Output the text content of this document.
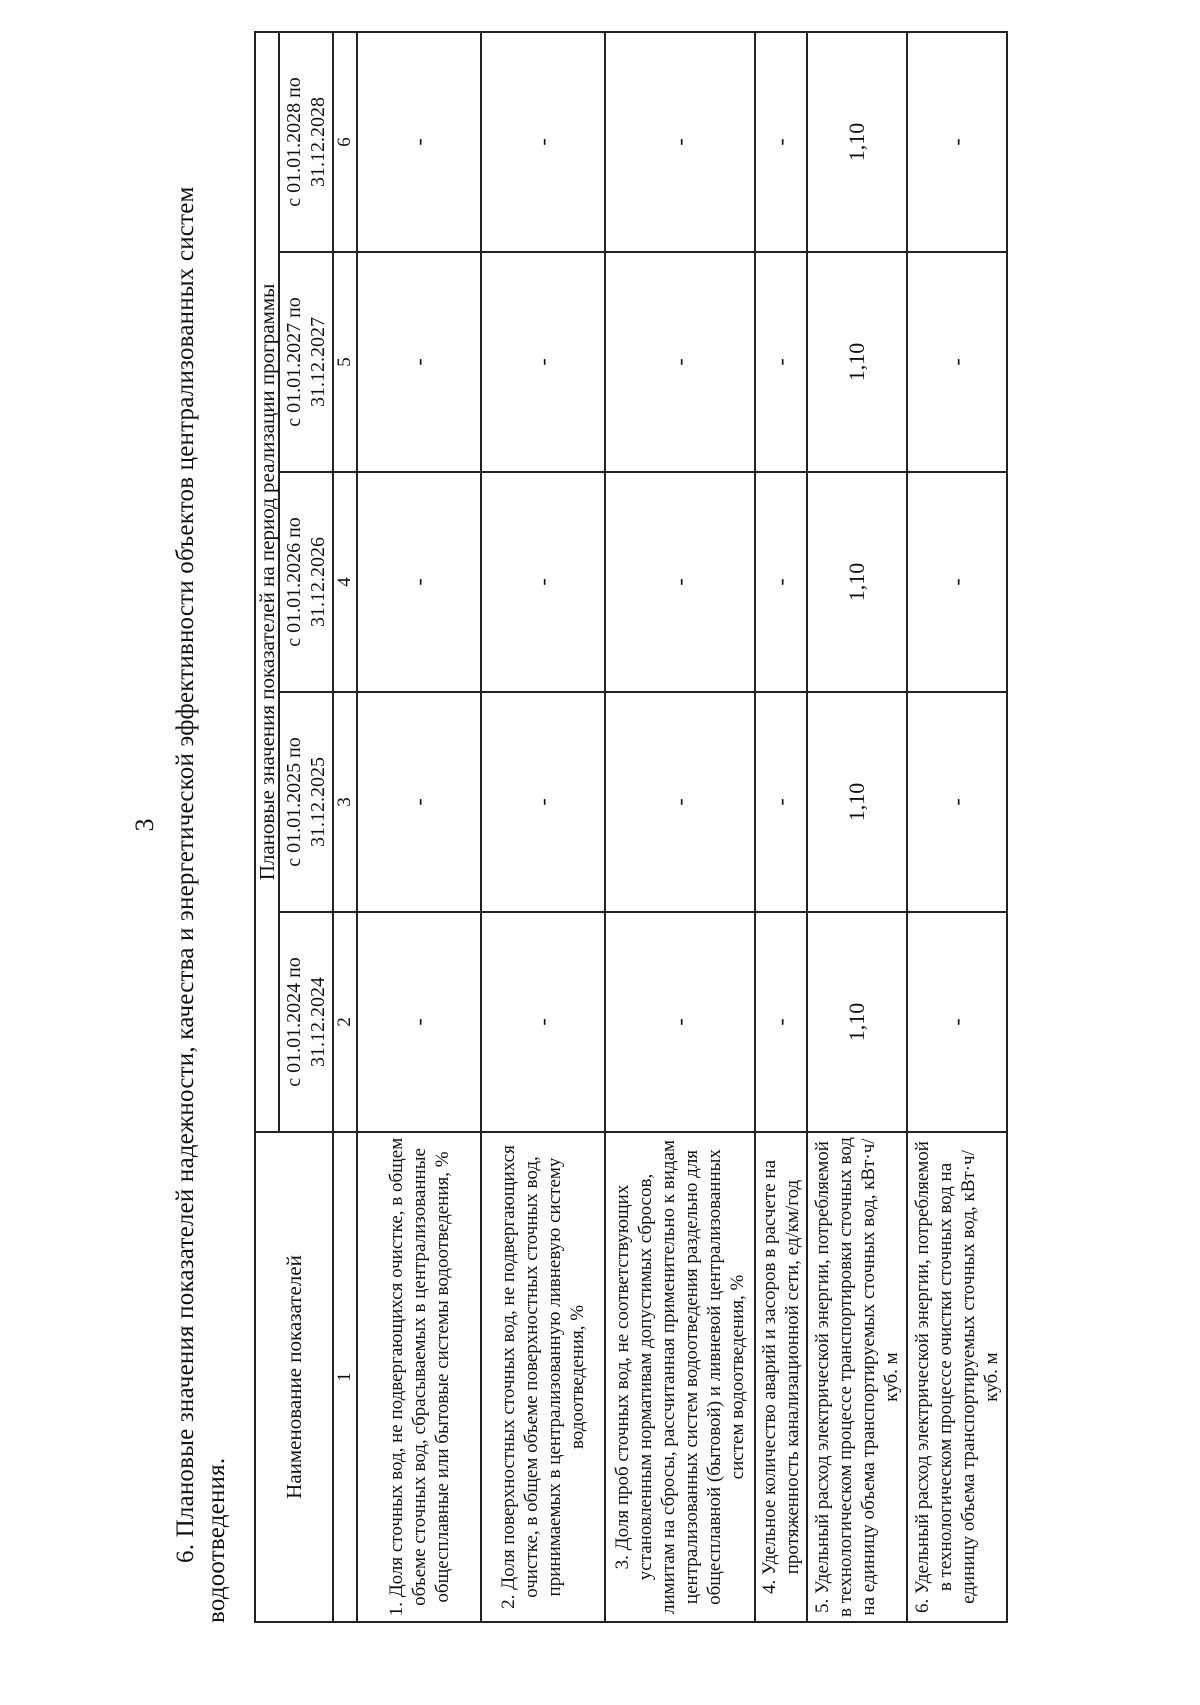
3 6. Плановые значения показателей надежности, качества и энергетической эффективности объектов централизованных систем водоотведения.
Наименование показателей	Плановые значения показателей на период реализации программы				
	с 01.01.2024 по 31.12.2024	с 01.01.2025 по 31.12.2025	с 01.01.2026 по 31.12.2026	с 01.01.2027 по 31.12.2027	с 01.01.2028 по 31.12.2028
1	2	3	4	5	6
1. Доля сточных вод, не подвергающихся очистке, в общем объеме сточных вод, сбрасываемых в централизованные общесплавные или бытовые системы водоотведения, %	-	-	-	-	-
2. Доля поверхностных сточных вод, не подвергающихся очистке, в общем объеме поверхностных сточных вод, принимаемых в централизованную ливневую систему водоотведения, %	-	-	-	-	-
3. Доля проб сточных вод, не соответствующих установленным нормативам допустимых сбросов, лимитам на сбросы, рассчитанная применительно к видам централизованных систем водоотведения раздельно для общесплавной (бытовой) и ливневой централизованных систем водоотведения, %	-	-	-	-	-
4. Удельное количество аварий и засоров в расчете на протяженность канализационной сети, ед/км/год	-	-	-	-	-
5. Удельный расход электрической энергии, потребляемой в технологическом процессе транспортировки сточных вод на единицу объема транспортируемых сточных вод, кВт·ч/куб. м	1,10	1,10	1,10	1,10	1,10
6. Удельный расход электрической энергии, потребляемой в технологическом процессе очистки сточных вод на единицу объема транспортируемых сточных вод, кВт·ч/куб. м	-	-	-	-	-
